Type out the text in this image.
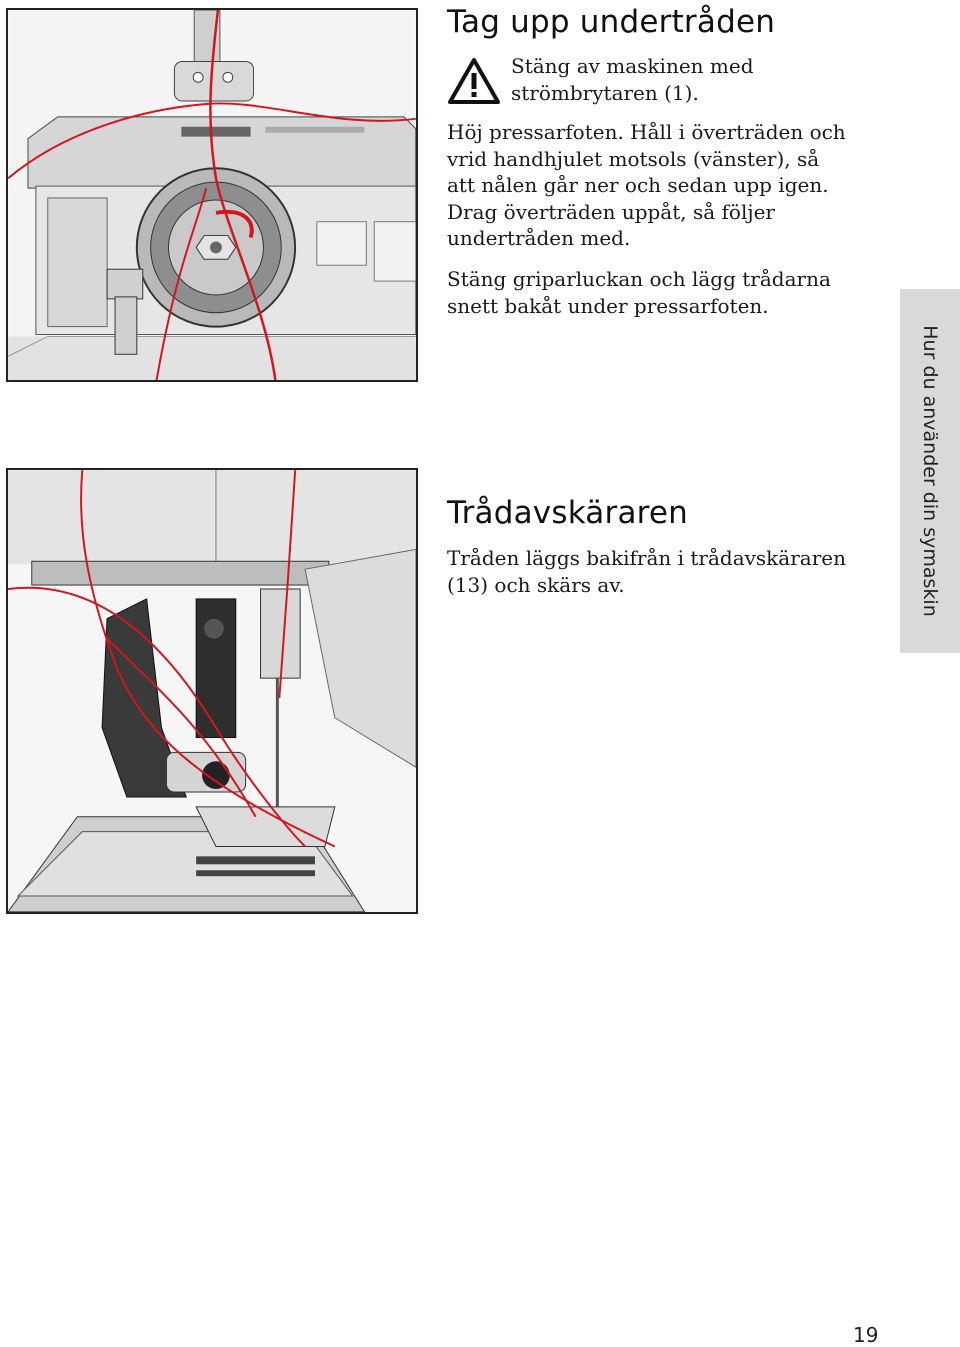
Tag upp undertråden

Stäng av maskinen med strömbrytaren (1).

Höj pressarfoten. Håll i överträden och vrid handhjulet motsols (vänster), så att nålen går ner och sedan upp igen. Drag överträden uppåt, så följer undertråden med.

Stäng griparluckan och lägg trådarna snett bakåt under pressarfoten.

Trådavskäraren

Tråden läggs bakifrån i trådavskäraren (13) och skärs av.	Hur du använder din symaskin
19
